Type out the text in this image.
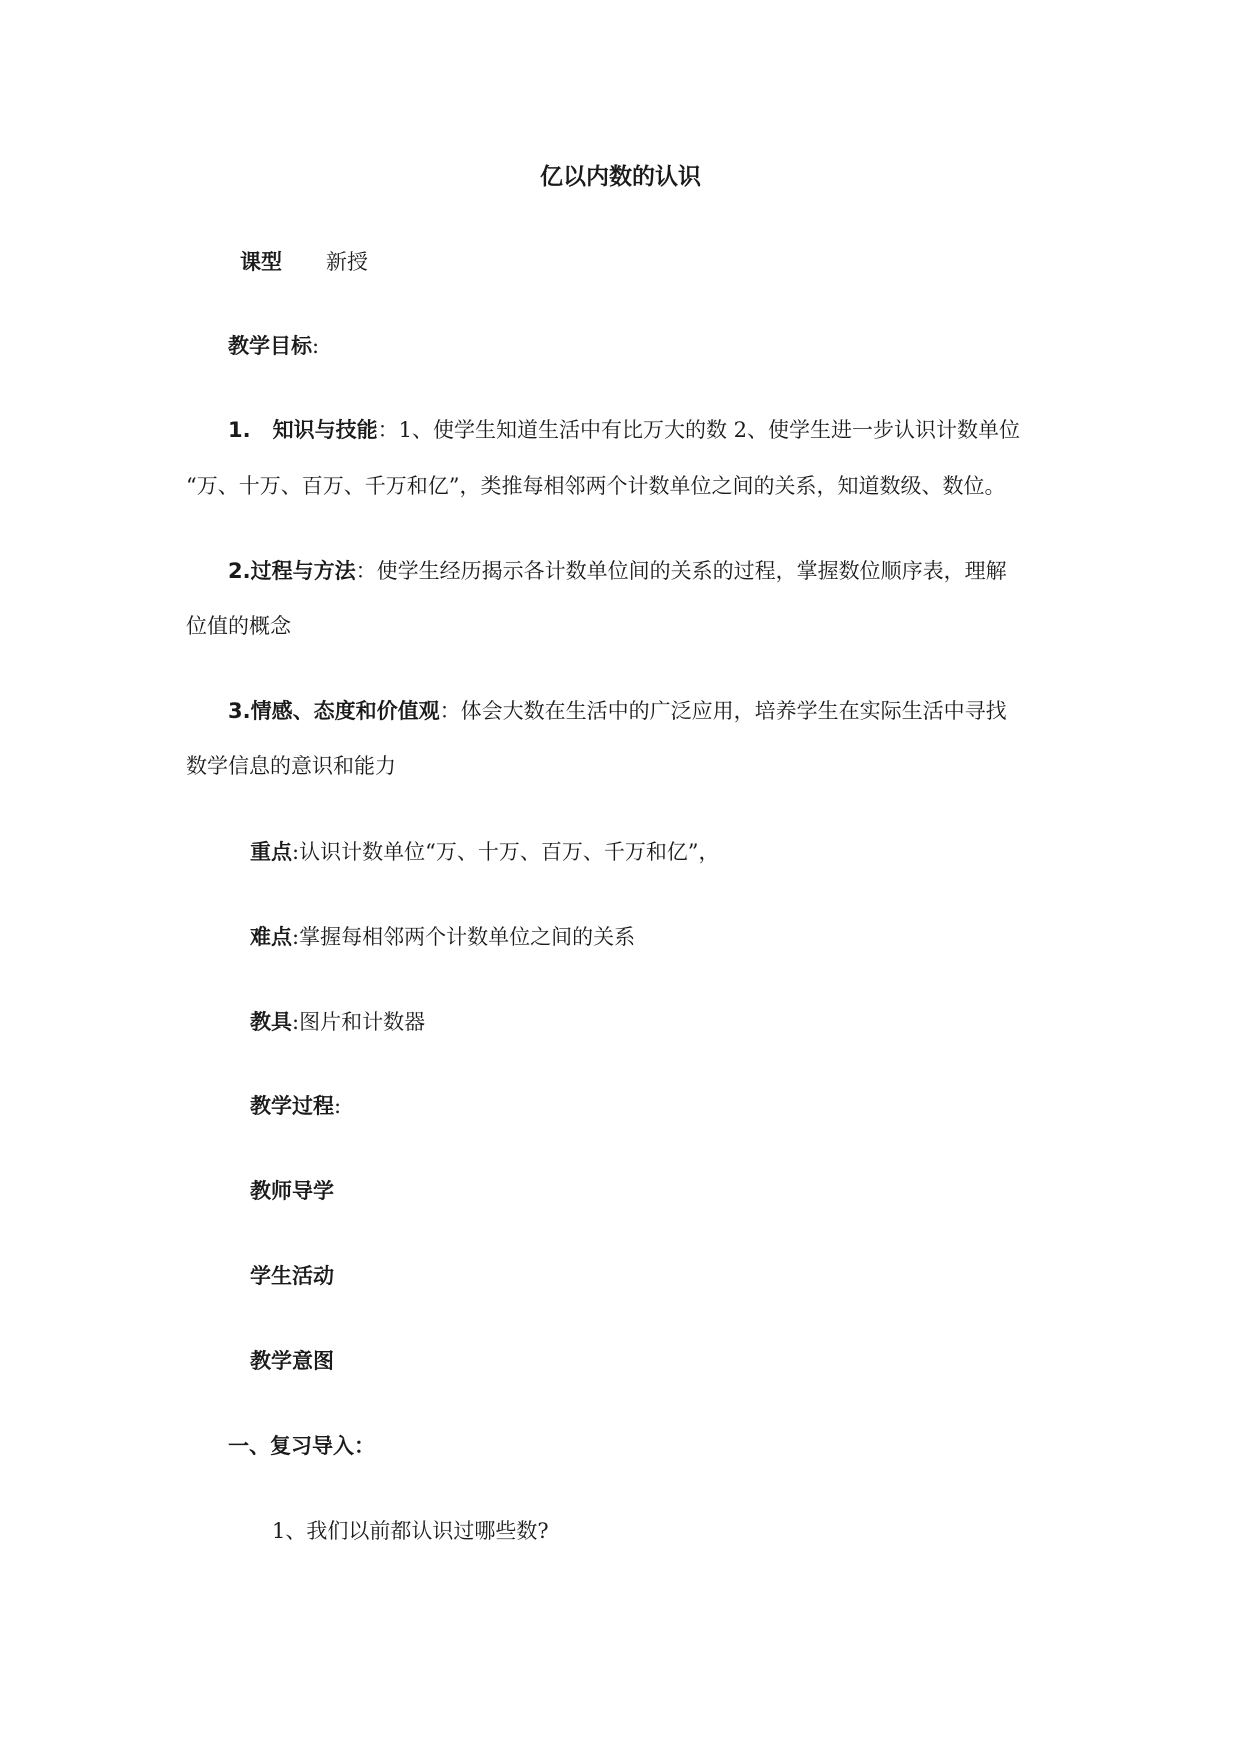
亿以内数的认识
课型 新授
教学目标:
1. 知识与技能：1、使学生知道生活中有比万大的数 2、使学生进一步认识计数单位
“万、十万、百万、千万和亿”，类推每相邻两个计数单位之间的关系，知道数级、数位。
2.过程与方法：使学生经历揭示各计数单位间的关系的过程，掌握数位顺序表，理解
位值的概念
3.情感、态度和价值观：体会大数在生活中的广泛应用，培养学生在实际生活中寻找
数学信息的意识和能力
重点:认识计数单位“万、十万、百万、千万和亿”，
难点:掌握每相邻两个计数单位之间的关系
教具:图片和计数器
教学过程:
教师导学
学生活动
教学意图
一、复习导入：
1、我们以前都认识过哪些数?
